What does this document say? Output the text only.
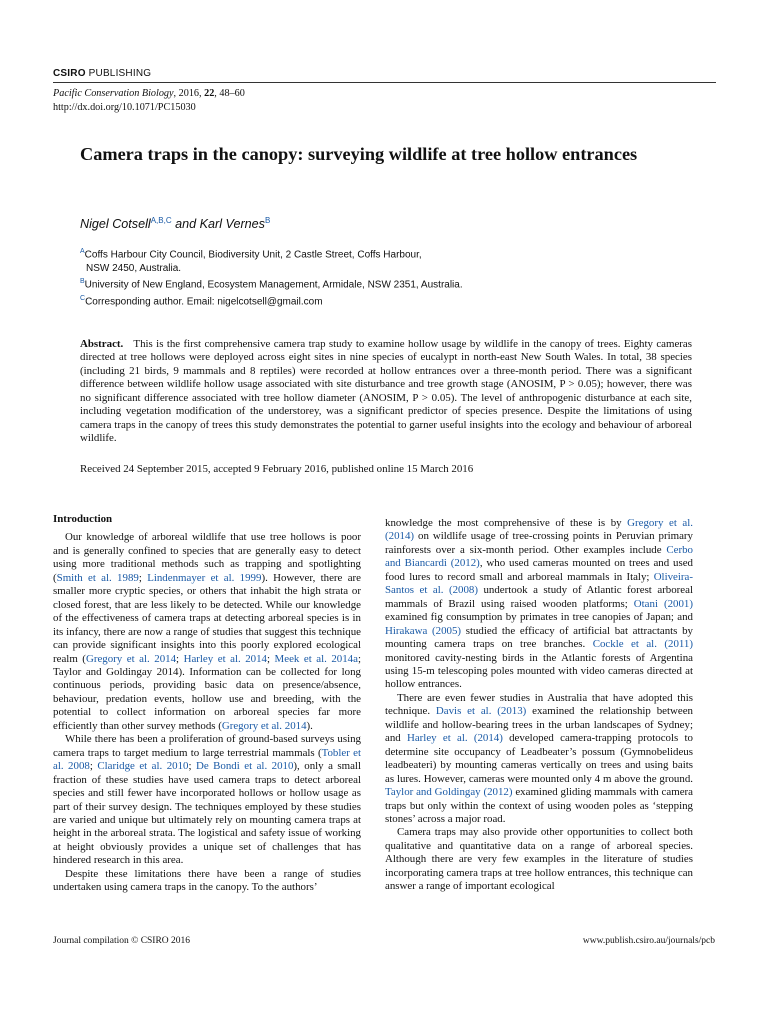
CSIRO PUBLISHING
Pacific Conservation Biology, 2016, 22, 48–60
http://dx.doi.org/10.1071/PC15030
Camera traps in the canopy: surveying wildlife at tree hollow entrances
Nigel Cotsell$^{A,B,C}$ and Karl Vernes$^B$
$^A$Coffs Harbour City Council, Biodiversity Unit, 2 Castle Street, Coffs Harbour,
NSW 2450, Australia.
$^B$University of New England, Ecosystem Management, Armidale, NSW 2351, Australia.
$^C$Corresponding author. Email: nigelcotsell@gmail.com
Abstract. This is the first comprehensive camera trap study to examine hollow usage by wildlife in the canopy of trees. Eighty cameras directed at tree hollows were deployed across eight sites in nine species of eucalypt in north-east New South Wales. In total, 38 species (including 21 birds, 9 mammals and 8 reptiles) were recorded at hollow entrances over a three-month period. There was a significant difference between wildlife hollow usage associated with site disturbance and tree growth stage (ANOSIM, P > 0.05); however, there was no significant difference associated with tree hollow diameter (ANOSIM, P > 0.05). The level of anthropogenic disturbance at each site, including vegetation modification of the understorey, was a significant predictor of species presence. Despite the limitations of using camera traps in the canopy of trees this study demonstrates the potential to garner useful insights into the ecology and behaviour of arboreal wildlife.
Received 24 September 2015, accepted 9 February 2016, published online 15 March 2016
Introduction

Our knowledge of arboreal wildlife that use tree hollows is poor and is generally confined to species that are generally easy to detect using more traditional methods such as trapping and spotlighting (Smith et al. 1989; Lindenmayer et al. 1999). However, there are smaller more cryptic species, or others that inhabit the high strata or closed forest, that are less likely to be detected. While our knowledge of the effectiveness of camera traps at detecting arboreal species is in its infancy, there are now a range of studies that suggest this technique can provide significant insights into this poorly explored ecological realm (Gregory et al. 2014; Harley et al. 2014; Meek et al. 2014a; Taylor and Goldingay 2014). Information can be collected for long continuous periods, providing basic data on presence/absence, behaviour, predation events, hollow use and breeding, with the potential to collect information on arboreal species far more efficiently than other survey methods (Gregory et al. 2014).

While there has been a proliferation of ground-based surveys using camera traps to target medium to large terrestrial mammals (Tobler et al. 2008; Claridge et al. 2010; De Bondi et al. 2010), only a small fraction of these studies have used camera traps to detect arboreal species and still fewer have incorporated hollows or hollow usage as part of their survey design. The techniques employed by these studies are varied and unique but ultimately rely on mounting camera traps at height in the arboreal strata. The logistical and safety issue of working at height obviously provides a unique set of challenges that has hindered research in this area.

Despite these limitations there have been a range of studies undertaken using camera traps in the canopy. To the authors’

knowledge the most comprehensive of these is by Gregory et al. (2014) on wildlife usage of tree-crossing points in Peruvian primary rainforests over a six-month period. Other examples include Cerbo and Biancardi (2012), who used cameras mounted on trees and used food lures to record small and arboreal mammals in Italy; Oliveira-Santos et al. (2008) undertook a study of Atlantic forest arboreal mammals of Brazil using raised wooden platforms; Otani (2001) examined fig consumption by primates in tree canopies of Japan; and Hirakawa (2005) studied the efficacy of artificial bat attractants by mounting camera traps on tree branches. Cockle et al. (2011) monitored cavity-nesting birds in the Atlantic forests of Argentina using 15-m telescoping poles mounted with video cameras directed at hollow entrances.

There are even fewer studies in Australia that have adopted this technique. Davis et al. (2013) examined the relationship between wildlife and hollow-bearing trees in the urban landscapes of Sydney; and Harley et al. (2014) developed camera-trapping protocols to determine site occupancy of Leadbeater’s possum (Gymnobelideus leadbeateri) by mounting cameras vertically on trees and using baits as lures. However, cameras were mounted only 4 m above the ground. Taylor and Goldingay (2012) examined gliding mammals with camera traps but only within the context of using wooden poles as ‘stepping stones’ across a major road.

Camera traps may also provide other opportunities to collect both qualitative and quantitative data on a range of arboreal species. Although there are very few examples in the literature of studies incorporating camera traps at tree hollow entrances, this technique can answer a range of important ecological

Journal compilation © CSIRO 2016	www.publish.csiro.au/journals/pcb
